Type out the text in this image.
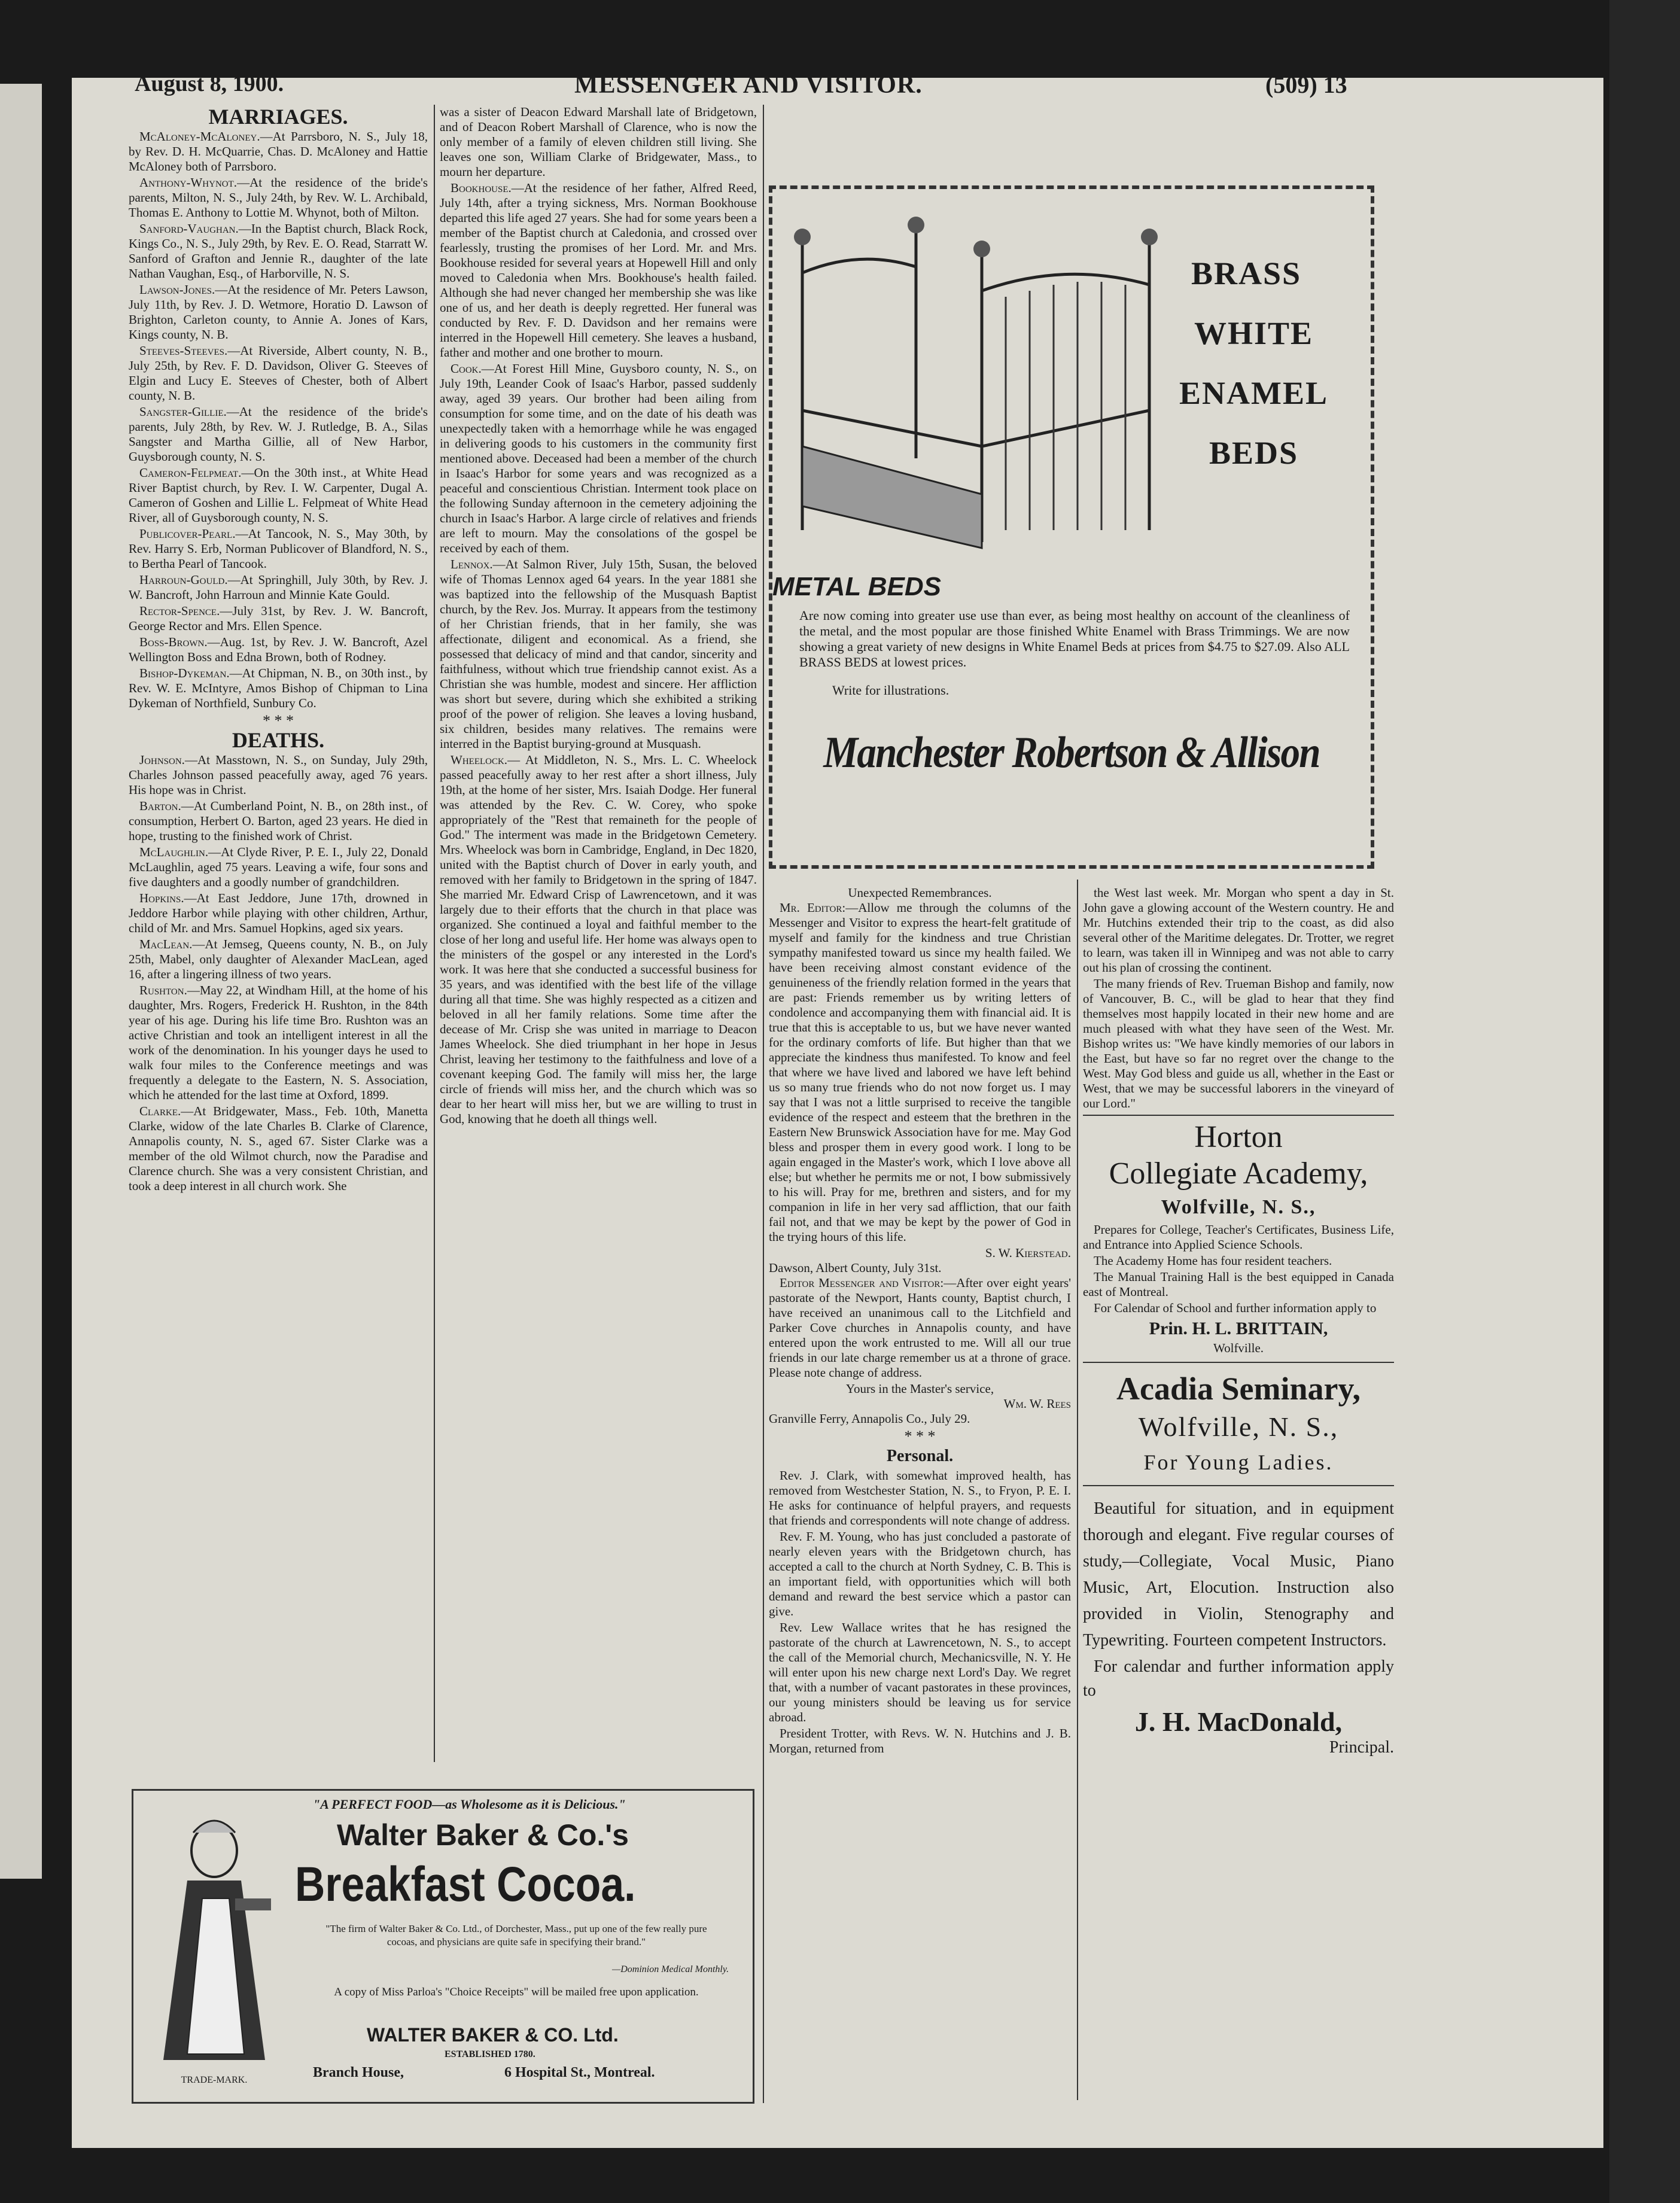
August 8, 1900.	MESSENGER AND VISITOR.	(509) 13
MARRIAGES.

McAloney-McAloney.—At Parrsboro, N. S., July 18, by Rev. D. H. McQuarrie, Chas. D. McAloney and Hattie McAloney both of Parrsboro.

Anthony-Whynot.—At the residence of the bride's parents, Milton, N. S., July 24th, by Rev. W. L. Archibald, Thomas E. Anthony to Lottie M. Whynot, both of Milton.

Sanford-Vaughan.—In the Baptist church, Black Rock, Kings Co., N. S., July 29th, by Rev. E. O. Read, Starratt W. Sanford of Grafton and Jennie R., daughter of the late Nathan Vaughan, Esq., of Harborville, N. S.

Lawson-Jones.—At the residence of Mr. Peters Lawson, July 11th, by Rev. J. D. Wetmore, Horatio D. Lawson of Brighton, Carleton county, to Annie A. Jones of Kars, Kings county, N. B.

Steeves-Steeves.—At Riverside, Albert county, N. B., July 25th, by Rev. F. D. Davidson, Oliver G. Steeves of Elgin and Lucy E. Steeves of Chester, both of Albert county, N. B.

Sangster-Gillie.—At the residence of the bride's parents, July 28th, by Rev. W. J. Rutledge, B. A., Silas Sangster and Martha Gillie, all of New Harbor, Guysborough county, N. S.

Cameron-Felpmeat.—On the 30th inst., at White Head River Baptist church, by Rev. I. W. Carpenter, Dugal A. Cameron of Goshen and Lillie L. Felpmeat of White Head River, all of Guysborough county, N. S.

Publicover-Pearl.—At Tancook, N. S., May 30th, by Rev. Harry S. Erb, Norman Publicover of Blandford, N. S., to Bertha Pearl of Tancook.

Harroun-Gould.—At Springhill, July 30th, by Rev. J. W. Bancroft, John Harroun and Minnie Kate Gould.

Rector-Spence.—July 31st, by Rev. J. W. Bancroft, George Rector and Mrs. Ellen Spence.

Boss-Brown.—Aug. 1st, by Rev. J. W. Bancroft, Azel Wellington Boss and Edna Brown, both of Rodney.

Bishop-Dykeman.—At Chipman, N. B., on 30th inst., by Rev. W. E. McIntyre, Amos Bishop of Chipman to Lina Dykeman of Northfield, Sunbury Co.

* * *
DEATHS.

Johnson.—At Masstown, N. S., on Sunday, July 29th, Charles Johnson passed peacefully away, aged 76 years. His hope was in Christ.

Barton.—At Cumberland Point, N. B., on 28th inst., of consumption, Herbert O. Barton, aged 23 years. He died in hope, trusting to the finished work of Christ.

McLaughlin.—At Clyde River, P. E. I., July 22, Donald McLaughlin, aged 75 years. Leaving a wife, four sons and five daughters and a goodly number of grandchildren.

Hopkins.—At East Jeddore, June 17th, drowned in Jeddore Harbor while playing with other children, Arthur, child of Mr. and Mrs. Samuel Hopkins, aged six years.

MacLean.—At Jemseg, Queens county, N. B., on July 25th, Mabel, only daughter of Alexander MacLean, aged 16, after a lingering illness of two years.

Rushton.—May 22, at Windham Hill, at the home of his daughter, Mrs. Rogers, Frederick H. Rushton, in the 84th year of his age. During his life time Bro. Rushton was an active Christian and took an intelligent interest in all the work of the denomination. In his younger days he used to walk four miles to the Conference meetings and was frequently a delegate to the Eastern, N. S. Association, which he attended for the last time at Oxford, 1899.

Clarke.—At Bridgewater, Mass., Feb. 10th, Manetta Clarke, widow of the late Charles B. Clarke of Clarence, Annapolis county, N. S., aged 67. Sister Clarke was a member of the old Wilmot church, now the Paradise and Clarence church. She was a very consistent Christian, and took a deep interest in all church work. She

was a sister of Deacon Edward Marshall late of Bridgetown, and of Deacon Robert Marshall of Clarence, who is now the only member of a family of eleven children still living. She leaves one son, William Clarke of Bridgewater, Mass., to mourn her departure.

Bookhouse.—At the residence of her father, Alfred Reed, July 14th, after a trying sickness, Mrs. Norman Bookhouse departed this life aged 27 years. She had for some years been a member of the Baptist church at Caledonia, and crossed over fearlessly, trusting the promises of her Lord. Mr. and Mrs. Bookhouse resided for several years at Hopewell Hill and only moved to Caledonia when Mrs. Bookhouse's health failed. Although she had never changed her membership she was like one of us, and her death is deeply regretted. Her funeral was conducted by Rev. F. D. Davidson and her remains were interred in the Hopewell Hill cemetery. She leaves a husband, father and mother and one brother to mourn.

Cook.—At Forest Hill Mine, Guysboro county, N. S., on July 19th, Leander Cook of Isaac's Harbor, passed suddenly away, aged 39 years. Our brother had been ailing from consumption for some time, and on the date of his death was unexpectedly taken with a hemorrhage while he was engaged in delivering goods to his customers in the community first mentioned above. Deceased had been a member of the church in Isaac's Harbor for some years and was recognized as a peaceful and conscientious Christian. Interment took place on the following Sunday afternoon in the cemetery adjoining the church in Isaac's Harbor. A large circle of relatives and friends are left to mourn. May the consolations of the gospel be received by each of them.

Lennox.—At Salmon River, July 15th, Susan, the beloved wife of Thomas Lennox aged 64 years. In the year 1881 she was baptized into the fellowship of the Musquash Baptist church, by the Rev. Jos. Murray. It appears from the testimony of her Christian friends, that in her family, she was affectionate, diligent and economical. As a friend, she possessed that delicacy of mind and that candor, sincerity and faithfulness, without which true friendship cannot exist. As a Christian she was humble, modest and sincere. Her affliction was short but severe, during which she exhibited a striking proof of the power of religion. She leaves a loving husband, six children, besides many relatives. The remains were interred in the Baptist burying-ground at Musquash.

Wheelock.— At Middleton, N. S., Mrs. L. C. Wheelock passed peacefully away to her rest after a short illness, July 19th, at the home of her sister, Mrs. Isaiah Dodge. Her funeral was attended by the Rev. C. W. Corey, who spoke appropriately of the "Rest that remaineth for the people of God." The interment was made in the Bridgetown Cemetery. Mrs. Wheelock was born in Cambridge, England, in Dec 1820, united with the Baptist church of Dover in early youth, and removed with her family to Bridgetown in the spring of 1847. She married Mr. Edward Crisp of Lawrencetown, and it was largely due to their efforts that the church in that place was organized. She continued a loyal and faithful member to the close of her long and useful life. Her home was always open to the ministers of the gospel or any interested in the Lord's work. It was here that she conducted a successful business for 35 years, and was identified with the best life of the village during all that time. She was highly respected as a citizen and beloved in all her family relations. Some time after the decease of Mr. Crisp she was united in marriage to Deacon James Wheelock. She died triumphant in her hope in Jesus Christ, leaving her testimony to the faithfulness and love of a covenant keeping God. The family will miss her, the large circle of friends will miss her, and the church which was so dear to her heart will miss her, but we are willing to trust in God, knowing that he doeth all things well.

TRADE-MARK.
"A PERFECT FOOD—as Wholesome as it is Delicious."
Walter Baker & Co.'s
Breakfast Cocoa.
"The firm of Walter Baker & Co. Ltd., of Dorchester, Mass., put up one of the few really pure cocoas, and physicians are quite safe in specifying their brand."
—Dominion Medical Monthly.
A copy of Miss Parloa's "Choice Receipts" will be mailed free upon application.
WALTER BAKER & CO. Ltd.
ESTABLISHED 1780.
Branch House,	6 Hospital St., Montreal.
BRASS
WHITE
ENAMEL
BEDS
METAL BEDS
Are now coming into greater use use than ever, as being most healthy on account of the cleanliness of the metal, and the most popular are those finished White Enamel with Brass Trimmings. We are now showing a great variety of new designs in White Enamel Beds at prices from $4.75 to $27.09. Also ALL BRASS BEDS at lowest prices.
Write for illustrations.
Manchester Robertson & Allison
Unexpected Remembrances.

Mr. Editor:—Allow me through the columns of the Messenger and Visitor to express the heart-felt gratitude of myself and family for the kindness and true Christian sympathy manifested toward us since my health failed. We have been receiving almost constant evidence of the genuineness of the friendly relation formed in the years that are past: Friends remember us by writing letters of condolence and accompanying them with financial aid. It is true that this is acceptable to us, but we have never wanted for the ordinary comforts of life. But higher than that we appreciate the kindness thus manifested. To know and feel that where we have lived and labored we have left behind us so many true friends who do not now forget us. I may say that I was not a little surprised to receive the tangible evidence of the respect and esteem that the brethren in the Eastern New Brunswick Association have for me. May God bless and prosper them in every good work. I long to be again engaged in the Master's work, which I love above all else; but whether he permits me or not, I bow submissively to his will. Pray for me, brethren and sisters, and for my companion in life in her very sad affliction, that our faith fail not, and that we may be kept by the power of God in the trying hours of this life.

S. W. Kierstead.
Dawson, Albert County, July 31st.

Editor Messenger and Visitor:—After over eight years' pastorate of the Newport, Hants county, Baptist church, I have received an unanimous call to the Litchfield and Parker Cove churches in Annapolis county, and have entered upon the work entrusted to me. Will all our true friends in our late charge remember us at a throne of grace. Please note change of address.

Yours in the Master's service,
Wm. W. Rees
Granville Ferry, Annapolis Co., July 29.
* * *
Personal.

Rev. J. Clark, with somewhat improved health, has removed from Westchester Station, N. S., to Fryon, P. E. I. He asks for continuance of helpful prayers, and requests that friends and correspondents will note change of address.

Rev. F. M. Young, who has just concluded a pastorate of nearly eleven years with the Bridgetown church, has accepted a call to the church at North Sydney, C. B. This is an important field, with opportunities which will both demand and reward the best service which a pastor can give.

Rev. Lew Wallace writes that he has resigned the pastorate of the church at Lawrencetown, N. S., to accept the call of the Memorial church, Mechanicsville, N. Y. He will enter upon his new charge next Lord's Day. We regret that, with a number of vacant pastorates in these provinces, our young ministers should be leaving us for service abroad.

President Trotter, with Revs. W. N. Hutchins and J. B. Morgan, returned from

the West last week. Mr. Morgan who spent a day in St. John gave a glowing account of the Western country. He and Mr. Hutchins extended their trip to the coast, as did also several other of the Maritime delegates. Dr. Trotter, we regret to learn, was taken ill in Winnipeg and was not able to carry out his plan of crossing the continent.

The many friends of Rev. Trueman Bishop and family, now of Vancouver, B. C., will be glad to hear that they find themselves most happily located in their new home and are much pleased with what they have seen of the West. Mr. Bishop writes us: "We have kindly memories of our labors in the East, but have so far no regret over the change to the West. May God bless and guide us all, whether in the East or West, that we may be successful laborers in the vineyard of our Lord."

Horton
Collegiate Academy,
Wolfville, N. S.,

Prepares for College, Teacher's Certificates, Business Life, and Entrance into Applied Science Schools.

The Academy Home has four resident teachers.

The Manual Training Hall is the best equipped in Canada east of Montreal.

For Calendar of School and further information apply to

Prin. H. L. BRITTAIN,
Wolfville.
Acadia Seminary,
Wolfville, N. S.,
For Young Ladies.

Beautiful for situation, and in equipment thorough and elegant. Five regular courses of study,—Collegiate, Vocal Music, Piano Music, Art, Elocution. Instruction also provided in Violin, Stenography and Typewriting. Fourteen competent Instructors.

For calendar and further information apply to

J. H. MacDonald,
Principal.
